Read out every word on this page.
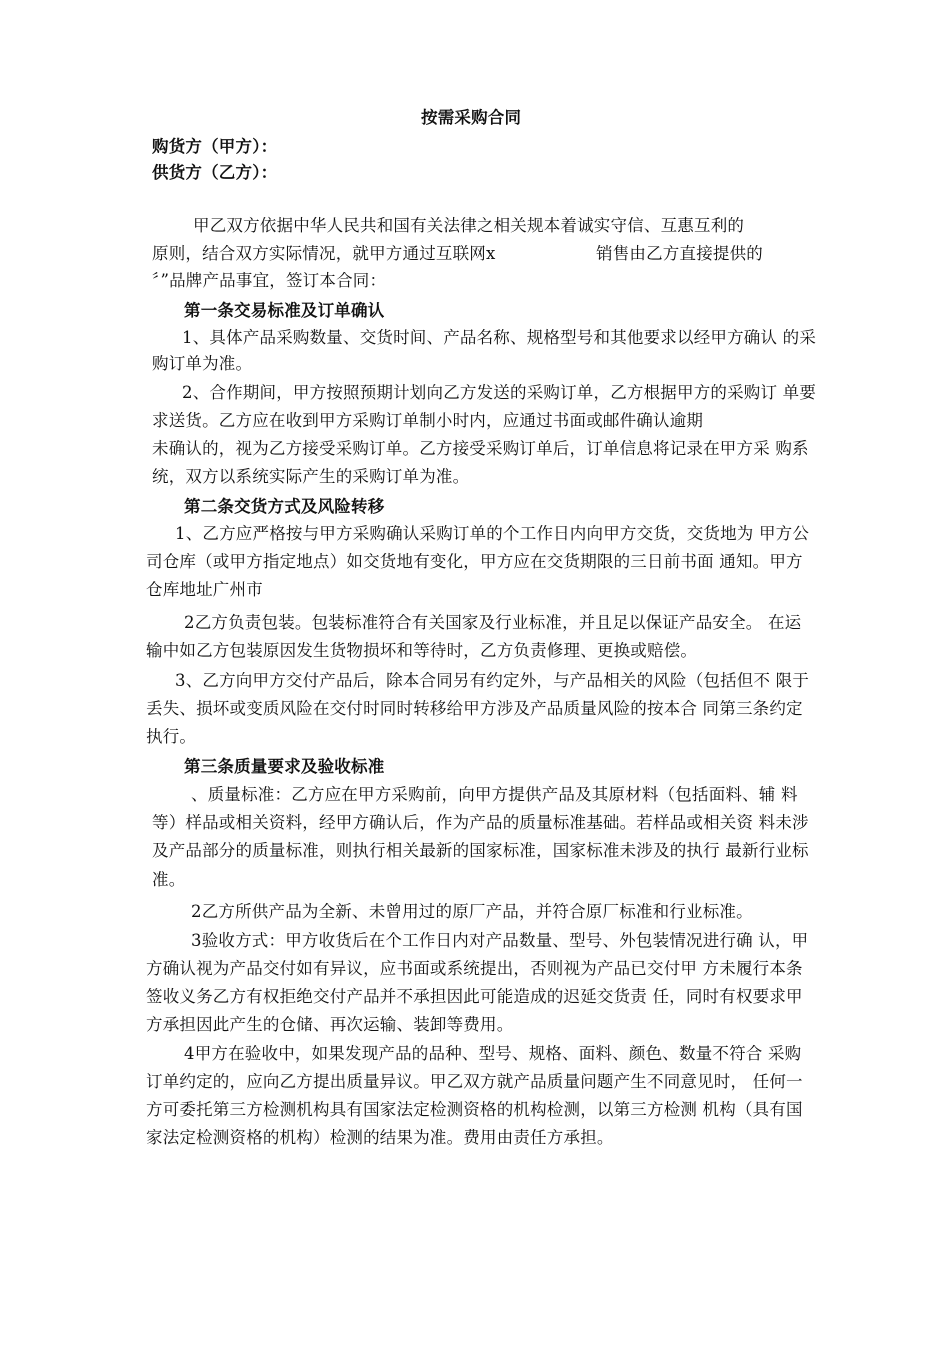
按需采购合同
购货方（甲方）：
供货方（乙方）：
甲乙双方依据中华人民共和国有关法律之相关规本着诚实守信、互惠互利的
原则，结合双方实际情况，就甲方通过互联网x	销售由乙方直接提供的
〞”品牌产品事宜，签订本合同：
第一条交易标准及订单确认
1、具体产品采购数量、交货时间、产品名称、规格型号和其他要求以经甲方确认 的采
购订单为准。
2、合作期间，甲方按照预期计划向乙方发送的采购订单，乙方根据甲方的采购订 单要
求送货。乙方应在收到甲方采购订单制小时内，应通过书面或邮件确认逾期
未确认的，视为乙方接受采购订单。乙方接受采购订单后，订单信息将记录在甲方采 购系
统，双方以系统实际产生的采购订单为准。
第二条交货方式及风险转移
1、乙方应严格按与甲方采购确认采购订单的个工作日内向甲方交货，交货地为 甲方公
司仓库（或甲方指定地点）如交货地有变化，甲方应在交货期限的三日前书面 通知。甲方
仓库地址广州市
2乙方负责包装。包装标准符合有关国家及行业标准，并且足以保证产品安全。 在运
输中如乙方包装原因发生货物损坏和等待时，乙方负责修理、更换或赔偿。
3、乙方向甲方交付产品后，除本合同另有约定外，与产品相关的风险（包括但不 限于
丢失、损坏或变质风险在交付时同时转移给甲方涉及产品质量风险的按本合 同第三条约定
执行。
第三条质量要求及验收标准
、质量标准：乙方应在甲方采购前，向甲方提供产品及其原材料（包括面料、辅 料
等）样品或相关资料，经甲方确认后，作为产品的质量标准基础。若样品或相关资 料未涉
及产品部分的质量标准，则执行相关最新的国家标准，国家标准未涉及的执行 最新行业标
准。
2乙方所供产品为全新、未曾用过的原厂产品，并符合原厂标准和行业标准。
3验收方式：甲方收货后在个工作日内对产品数量、型号、外包装情况进行确 认，甲
方确认视为产品交付如有异议，应书面或系统提出，否则视为产品已交付甲 方未履行本条
签收义务乙方有权拒绝交付产品并不承担因此可能造成的迟延交货责 任，同时有权要求甲
方承担因此产生的仓储、再次运输、装卸等费用。
4甲方在验收中，如果发现产品的品种、型号、规格、面料、颜色、数量不符合 采购
订单约定的，应向乙方提出质量异议。甲乙双方就产品质量问题产生不同意见时， 任何一
方可委托第三方检测机构具有国家法定检测资格的机构检测，以第三方检测 机构（具有国
家法定检测资格的机构）检测的结果为准。费用由责任方承担。
